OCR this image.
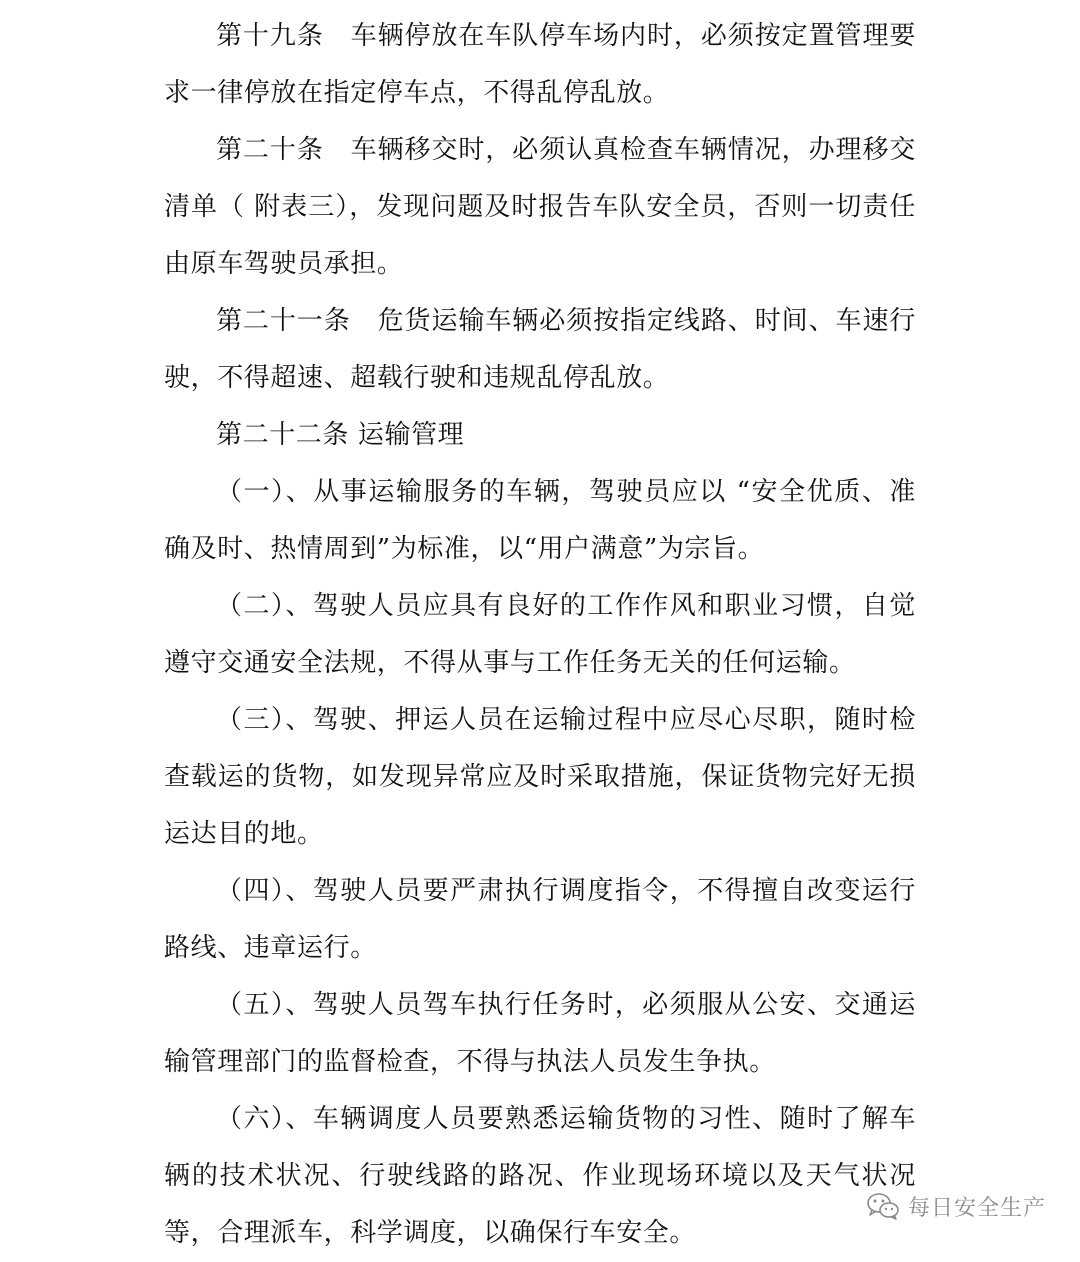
第十九条　车辆停放在车队停车场内时，必须按定置管理要求一律停放在指定停车点，不得乱停乱放。

第二十条　车辆移交时，必须认真检查车辆情况，办理移交清单（ 附表三），发现问题及时报告车队安全员，否则一切责任由原车驾驶员承担。

第二十一条　危货运输车辆必须按指定线路、时间、车速行驶，不得超速、超载行驶和违规乱停乱放。

第二十二条 运输管理

（一）、从事运输服务的车辆，驾驶员应以 “安全优质、准确及时、热情周到”为标准，以“用户满意”为宗旨。

（二）、驾驶人员应具有良好的工作作风和职业习惯，自觉遵守交通安全法规，不得从事与工作任务无关的任何运输。

（三）、驾驶、押运人员在运输过程中应尽心尽职，随时检查载运的货物，如发现异常应及时采取措施，保证货物完好无损运达目的地。

（四）、驾驶人员要严肃执行调度指令，不得擅自改变运行路线、违章运行。

（五）、驾驶人员驾车执行任务时，必须服从公安、交通运输管理部门的监督检查，不得与执法人员发生争执。

（六）、车辆调度人员要熟悉运输货物的习性、随时了解车辆的技术状况、行驶线路的路况、作业现场环境以及天气状况等，合理派车，科学调度，以确保行车安全。

每日安全生产
